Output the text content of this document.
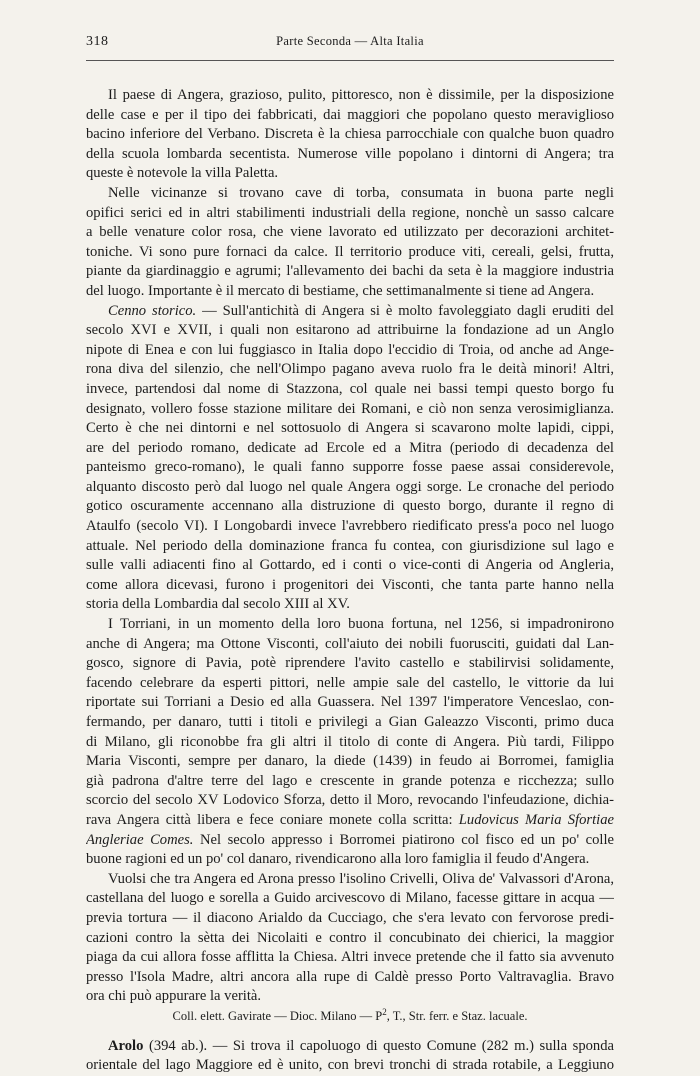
318	Parte Seconda — Alta Italia
Il paese di Angera, grazioso, pulito, pittoresco, non è dissimile, per la disposizione
delle case e per il tipo dei fabbricati, dai maggiori che popolano questo meraviglioso
bacino inferiore del Verbano. Discreta è la chiesa parrocchiale con qualche buon quadro
della scuola lombarda secentista. Numerose ville popolano i dintorni di Angera; tra
queste è notevole la villa Paletta.
Nelle vicinanze si trovano cave di torba, consumata in buona parte negli
opifici serici ed in altri stabilimenti industriali della regione, nonchè un sasso calcare
a belle venature color rosa, che viene lavorato ed utilizzato per decorazioni architet-
toniche. Vi sono pure fornaci da calce. Il territorio produce viti, cereali, gelsi, frutta,
piante da giardinaggio e agrumi; l'allevamento dei bachi da seta è la maggiore industria
del luogo. Importante è il mercato di bestiame, che settimanalmente si tiene ad Angera.
Cenno storico. — Sull'antichità di Angera si è molto favoleggiato dagli eruditi del
secolo XVI e XVII, i quali non esitarono ad attribuirne la fondazione ad un Anglo
nipote di Enea e con lui fuggiasco in Italia dopo l'eccidio di Troia, od anche ad Ange-
rona diva del silenzio, che nell'Olimpo pagano aveva ruolo fra le deità minori! Altri,
invece, partendosi dal nome di Stazzona, col quale nei bassi tempi questo borgo fu
designato, vollero fosse stazione militare dei Romani, e ciò non senza verosimiglianza.
Certo è che nei dintorni e nel sottosuolo di Angera si scavarono molte lapidi, cippi,
are del periodo romano, dedicate ad Ercole ed a Mitra (periodo di decadenza del
panteismo greco-romano), le quali fanno supporre fosse paese assai considerevole,
alquanto discosto però dal luogo nel quale Angera oggi sorge. Le cronache del periodo
gotico oscuramente accennano alla distruzione di questo borgo, durante il regno di
Ataulfo (secolo VI). I Longobardi invece l'avrebbero riedificato press'a poco nel luogo
attuale. Nel periodo della dominazione franca fu contea, con giurisdizione sul lago e
sulle valli adiacenti fino al Gottardo, ed i conti o vice-conti di Angeria od Angleria,
come allora dicevasi, furono i progenitori dei Visconti, che tanta parte hanno nella
storia della Lombardia dal secolo XIII al XV.
I Torriani, in un momento della loro buona fortuna, nel 1256, si impadronirono
anche di Angera; ma Ottone Visconti, coll'aiuto dei nobili fuorusciti, guidati dal Lan-
gosco, signore di Pavia, potè riprendere l'avito castello e stabilirvisi solidamente,
facendo celebrare da esperti pittori, nelle ampie sale del castello, le vittorie da lui
riportate sui Torriani a Desio ed alla Guassera. Nel 1397 l'imperatore Venceslao, con-
fermando, per danaro, tutti i titoli e privilegi a Gian Galeazzo Visconti, primo duca
di Milano, gli riconobbe fra gli altri il titolo di conte di Angera. Più tardi, Filippo
Maria Visconti, sempre per danaro, la diede (1439) in feudo ai Borromei, famiglia
già padrona d'altre terre del lago e crescente in grande potenza e ricchezza; sullo
scorcio del secolo XV Lodovico Sforza, detto il Moro, revocando l'infeudazione, dichia-
rava Angera città libera e fece coniare monete colla scritta: Ludovicus Maria Sfortiae
Angleriae Comes. Nel secolo appresso i Borromei piatirono col fisco ed un po' colle
buone ragioni ed un po' col danaro, rivendicarono alla loro famiglia il feudo d'Angera.
Vuolsi che tra Angera ed Arona presso l'isolino Crivelli, Oliva de' Valvassori d'Arona,
castellana del luogo e sorella a Guido arcivescovo di Milano, facesse gittare in acqua —
previa tortura — il diacono Arialdo da Cucciago, che s'era levato con fervorose predi-
cazioni contro la sètta dei Nicolaiti e contro il concubinato dei chierici, la maggior
piaga da cui allora fosse afflitta la Chiesa. Altri invece pretende che il fatto sia avvenuto
presso l'Isola Madre, altri ancora alla rupe di Caldè presso Porto Valtravaglia. Bravo
ora chi può appurare la verità.
Coll. elett. Gavirate — Dioc. Milano — $P^2$, T., Str. ferr. e Staz. lacuale.
Arolo (394 ab.). — Si trova il capoluogo di questo Comune (282 m.) sulla sponda
orientale del lago Maggiore ed è unito, con brevi tronchi di strada rotabile, a Leggiuno
